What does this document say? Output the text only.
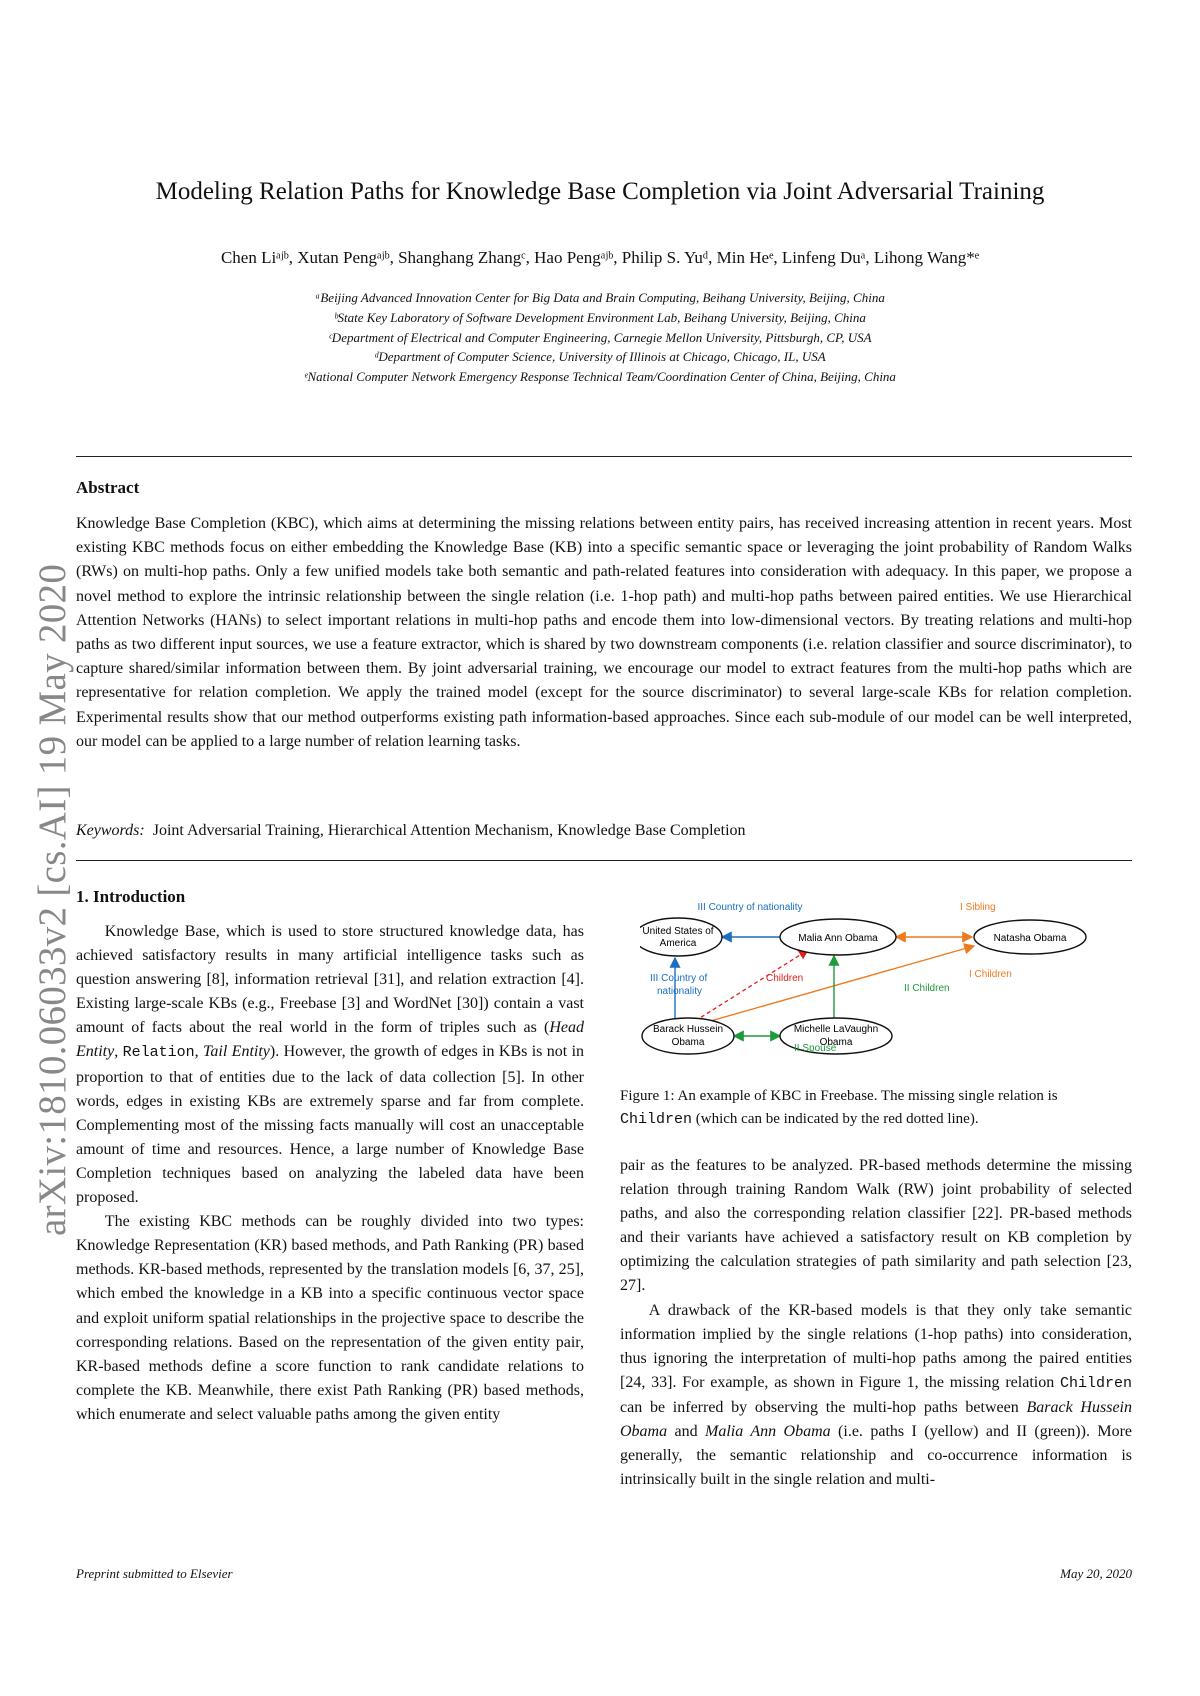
arXiv:1810.06033v2 [cs.AI] 19 May 2020
Modeling Relation Paths for Knowledge Base Completion via Joint Adversarial Training
Chen Liᵃʲᵇ, Xutan Pengᵃʲᵇ, Shanghang Zhangᶜ, Hao Pengᵃʲᵇ, Philip S. Yuᵈ, Min Heᵉ, Linfeng Duᵃ, Lihong Wang*ᵉ
ᵃBeijing Advanced Innovation Center for Big Data and Brain Computing, Beihang University, Beijing, China
ᵇState Key Laboratory of Software Development Environment Lab, Beihang University, Beijing, China
ᶜDepartment of Electrical and Computer Engineering, Carnegie Mellon University, Pittsburgh, CP, USA
ᵈDepartment of Computer Science, University of Illinois at Chicago, Chicago, IL, USA
ᵉNational Computer Network Emergency Response Technical Team/Coordination Center of China, Beijing, China
Abstract
Knowledge Base Completion (KBC), which aims at determining the missing relations between entity pairs, has received increasing attention in recent years. Most existing KBC methods focus on either embedding the Knowledge Base (KB) into a specific semantic space or leveraging the joint probability of Random Walks (RWs) on multi-hop paths. Only a few unified models take both semantic and path-related features into consideration with adequacy. In this paper, we propose a novel method to explore the intrinsic relationship between the single relation (i.e. 1-hop path) and multi-hop paths between paired entities. We use Hierarchical Attention Networks (HANs) to select important relations in multi-hop paths and encode them into low-dimensional vectors. By treating relations and multi-hop paths as two different input sources, we use a feature extractor, which is shared by two downstream components (i.e. relation classifier and source discriminator), to capture shared/similar information between them. By joint adversarial training, we encourage our model to extract features from the multi-hop paths which are representative for relation completion. We apply the trained model (except for the source discriminator) to several large-scale KBs for relation completion. Experimental results show that our method outperforms existing path information-based approaches. Since each sub-module of our model can be well interpreted, our model can be applied to a large number of relation learning tasks.
Keywords: Joint Adversarial Training, Hierarchical Attention Mechanism, Knowledge Base Completion
1. Introduction

Knowledge Base, which is used to store structured knowledge data, has achieved satisfactory results in many artificial intelligence tasks such as question answering [8], information retrieval [31], and relation extraction [4]. Existing large-scale KBs (e.g., Freebase [3] and WordNet [30]) contain a vast amount of facts about the real world in the form of triples such as (Head Entity, Relation, Tail Entity). However, the growth of edges in KBs is not in proportion to that of entities due to the lack of data collection [5]. In other words, edges in existing KBs are extremely sparse and far from complete. Complementing most of the missing facts manually will cost an unacceptable amount of time and resources. Hence, a large number of Knowledge Base Completion techniques based on analyzing the labeled data have been proposed.

The existing KBC methods can be roughly divided into two types: Knowledge Representation (KR) based methods, and Path Ranking (PR) based methods. KR-based methods, represented by the translation models [6, 37, 25], which embed the knowledge in a KB into a specific continuous vector space and exploit uniform spatial relationships in the projective space to describe the corresponding relations. Based on the representation of the given entity pair, KR-based methods define a score function to rank candidate relations to complete the KB. Meanwhile, there exist Path Ranking (PR) based methods, which enumerate and select valuable paths among the given entity

United States of
America	Malia Ann Obama	Natasha Obama
Barack Hussein
Obama
Michelle LaVaughn
Obama
III Country of nationality	I Sibling
III Country of
nationality
Children	I Children
II Children
II Spouse
Figure 1: An example of KBC in Freebase. The missing single relation is Children (which can be indicated by the red dotted line).

pair as the features to be analyzed. PR-based methods determine the missing relation through training Random Walk (RW) joint probability of selected paths, and also the corresponding relation classifier [22]. PR-based methods and their variants have achieved a satisfactory result on KB completion by optimizing the calculation strategies of path similarity and path selection [23, 27].

A drawback of the KR-based models is that they only take semantic information implied by the single relations (1-hop paths) into consideration, thus ignoring the interpretation of multi-hop paths among the paired entities [24, 33]. For example, as shown in Figure 1, the missing relation Children can be inferred by observing the multi-hop paths between Barack Hussein Obama and Malia Ann Obama (i.e. paths I (yellow) and II (green)). More generally, the semantic relationship and co-occurrence information is intrinsically built in the single relation and multi-

Preprint submitted to Elsevier	May 20, 2020
